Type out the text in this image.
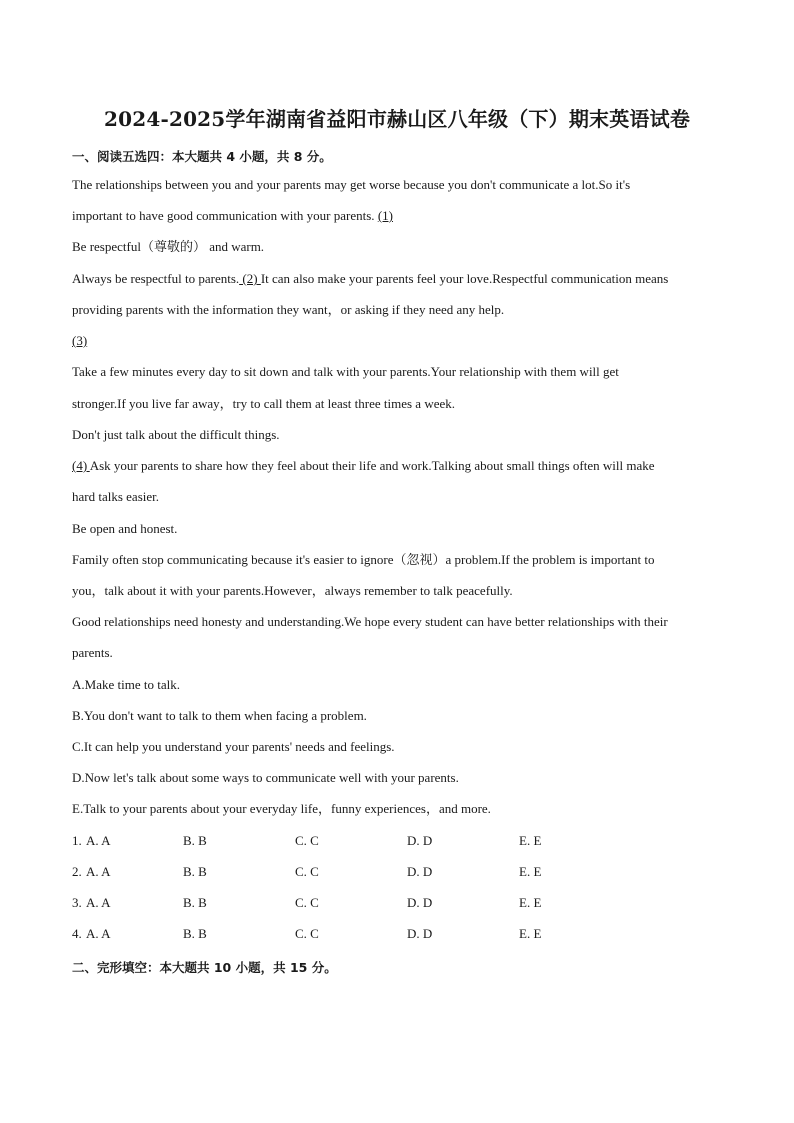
2024-2025学年湖南省益阳市赫山区八年级（下）期末英语试卷
一、阅读五选四：本大题共 4 小题，共 8 分。
The relationships between you and your parents may get worse because you don't communicate a lot.So it's
important to have good communication with your parents. (1)
Be respectful（尊敬的） and warm.
Always be respectful to parents. (2) It can also make your parents feel your love.Respectful communication means
providing parents with the information they want，or asking if they need any help.
(3)
Take a few minutes every day to sit down and talk with your parents.Your relationship with them will get
stronger.If you live far away，try to call them at least three times a week.
Don't just talk about the difficult things.
(4) Ask your parents to share how they feel about their life and work.Talking about small things often will make
hard talks easier.
Be open and honest.
Family often stop communicating because it's easier to ignore（忽视）a problem.If the problem is important to
you，talk about it with your parents.However，always remember to talk peacefully.
Good relationships need honesty and understanding.We hope every student can have better relationships with their
parents.
A.Make time to talk.
B.You don't want to talk to them when facing a problem.
C.It can help you understand your parents' needs and feelings.
D.Now let's talk about some ways to communicate well with your parents.
E.Talk to your parents about your everyday life，funny experiences，and more.
1. A. A	B. B	C. C	D. D	E. E
2. A. A	B. B	C. C	D. D	E. E
3. A. A	B. B	C. C	D. D	E. E
4. A. A	B. B	C. C	D. D	E. E
二、完形填空：本大题共 10 小题，共 15 分。
